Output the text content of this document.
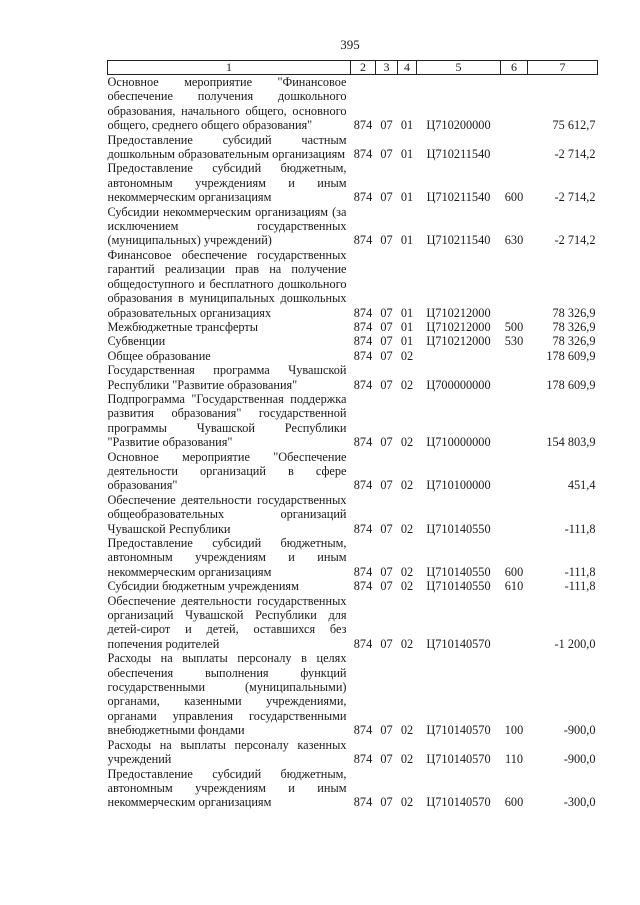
395
1	2	3	4	5	6	7
Основное мероприятие "Финансовое обеспечение получения дошкольного образования, начального общего, основного общего, среднего общего образования"	874	07	01	Ц710200000		75 612,7
Предоставление субсидий частным дошкольным образовательным организациям	874	07	01	Ц710211540		-2 714,2
Предоставление субсидий бюджетным, автономным учреждениям и иным некоммерческим организациям	874	07	01	Ц710211540	600	-2 714,2
Субсидии некоммерческим организациям (за исключением государственных (муниципальных) учреждений)	874	07	01	Ц710211540	630	-2 714,2
Финансовое обеспечение государственных гарантий реализации прав на получение общедоступного и бесплатного дошкольного образования в муниципальных дошкольных образовательных организациях	874	07	01	Ц710212000		78 326,9
Межбюджетные трансферты	874	07	01	Ц710212000	500	78 326,9
Субвенции	874	07	01	Ц710212000	530	78 326,9
Общее образование	874	07	02			178 609,9
Государственная программа Чувашской Республики "Развитие образования"	874	07	02	Ц700000000		178 609,9
Подпрограмма "Государственная поддержка развития образования" государственной программы Чувашской Республики "Развитие образования"	874	07	02	Ц710000000		154 803,9
Основное мероприятие "Обеспечение деятельности организаций в сфере образования"	874	07	02	Ц710100000		451,4
Обеспечение деятельности государственных общеобразовательных организаций Чувашской Республики	874	07	02	Ц710140550		-111,8
Предоставление субсидий бюджетным, автономным учреждениям и иным некоммерческим организациям	874	07	02	Ц710140550	600	-111,8
Субсидии бюджетным учреждениям	874	07	02	Ц710140550	610	-111,8
Обеспечение деятельности государственных организаций Чувашской Республики для детей-сирот и детей, оставшихся без попечения родителей	874	07	02	Ц710140570		-1 200,0
Расходы на выплаты персоналу в целях обеспечения выполнения функций государственными (муниципальными) органами, казенными учреждениями, органами управления государственными внебюджетными фондами	874	07	02	Ц710140570	100	-900,0
Расходы на выплаты персоналу казенных учреждений	874	07	02	Ц710140570	110	-900,0
Предоставление субсидий бюджетным, автономным учреждениям и иным некоммерческим организациям	874	07	02	Ц710140570	600	-300,0
